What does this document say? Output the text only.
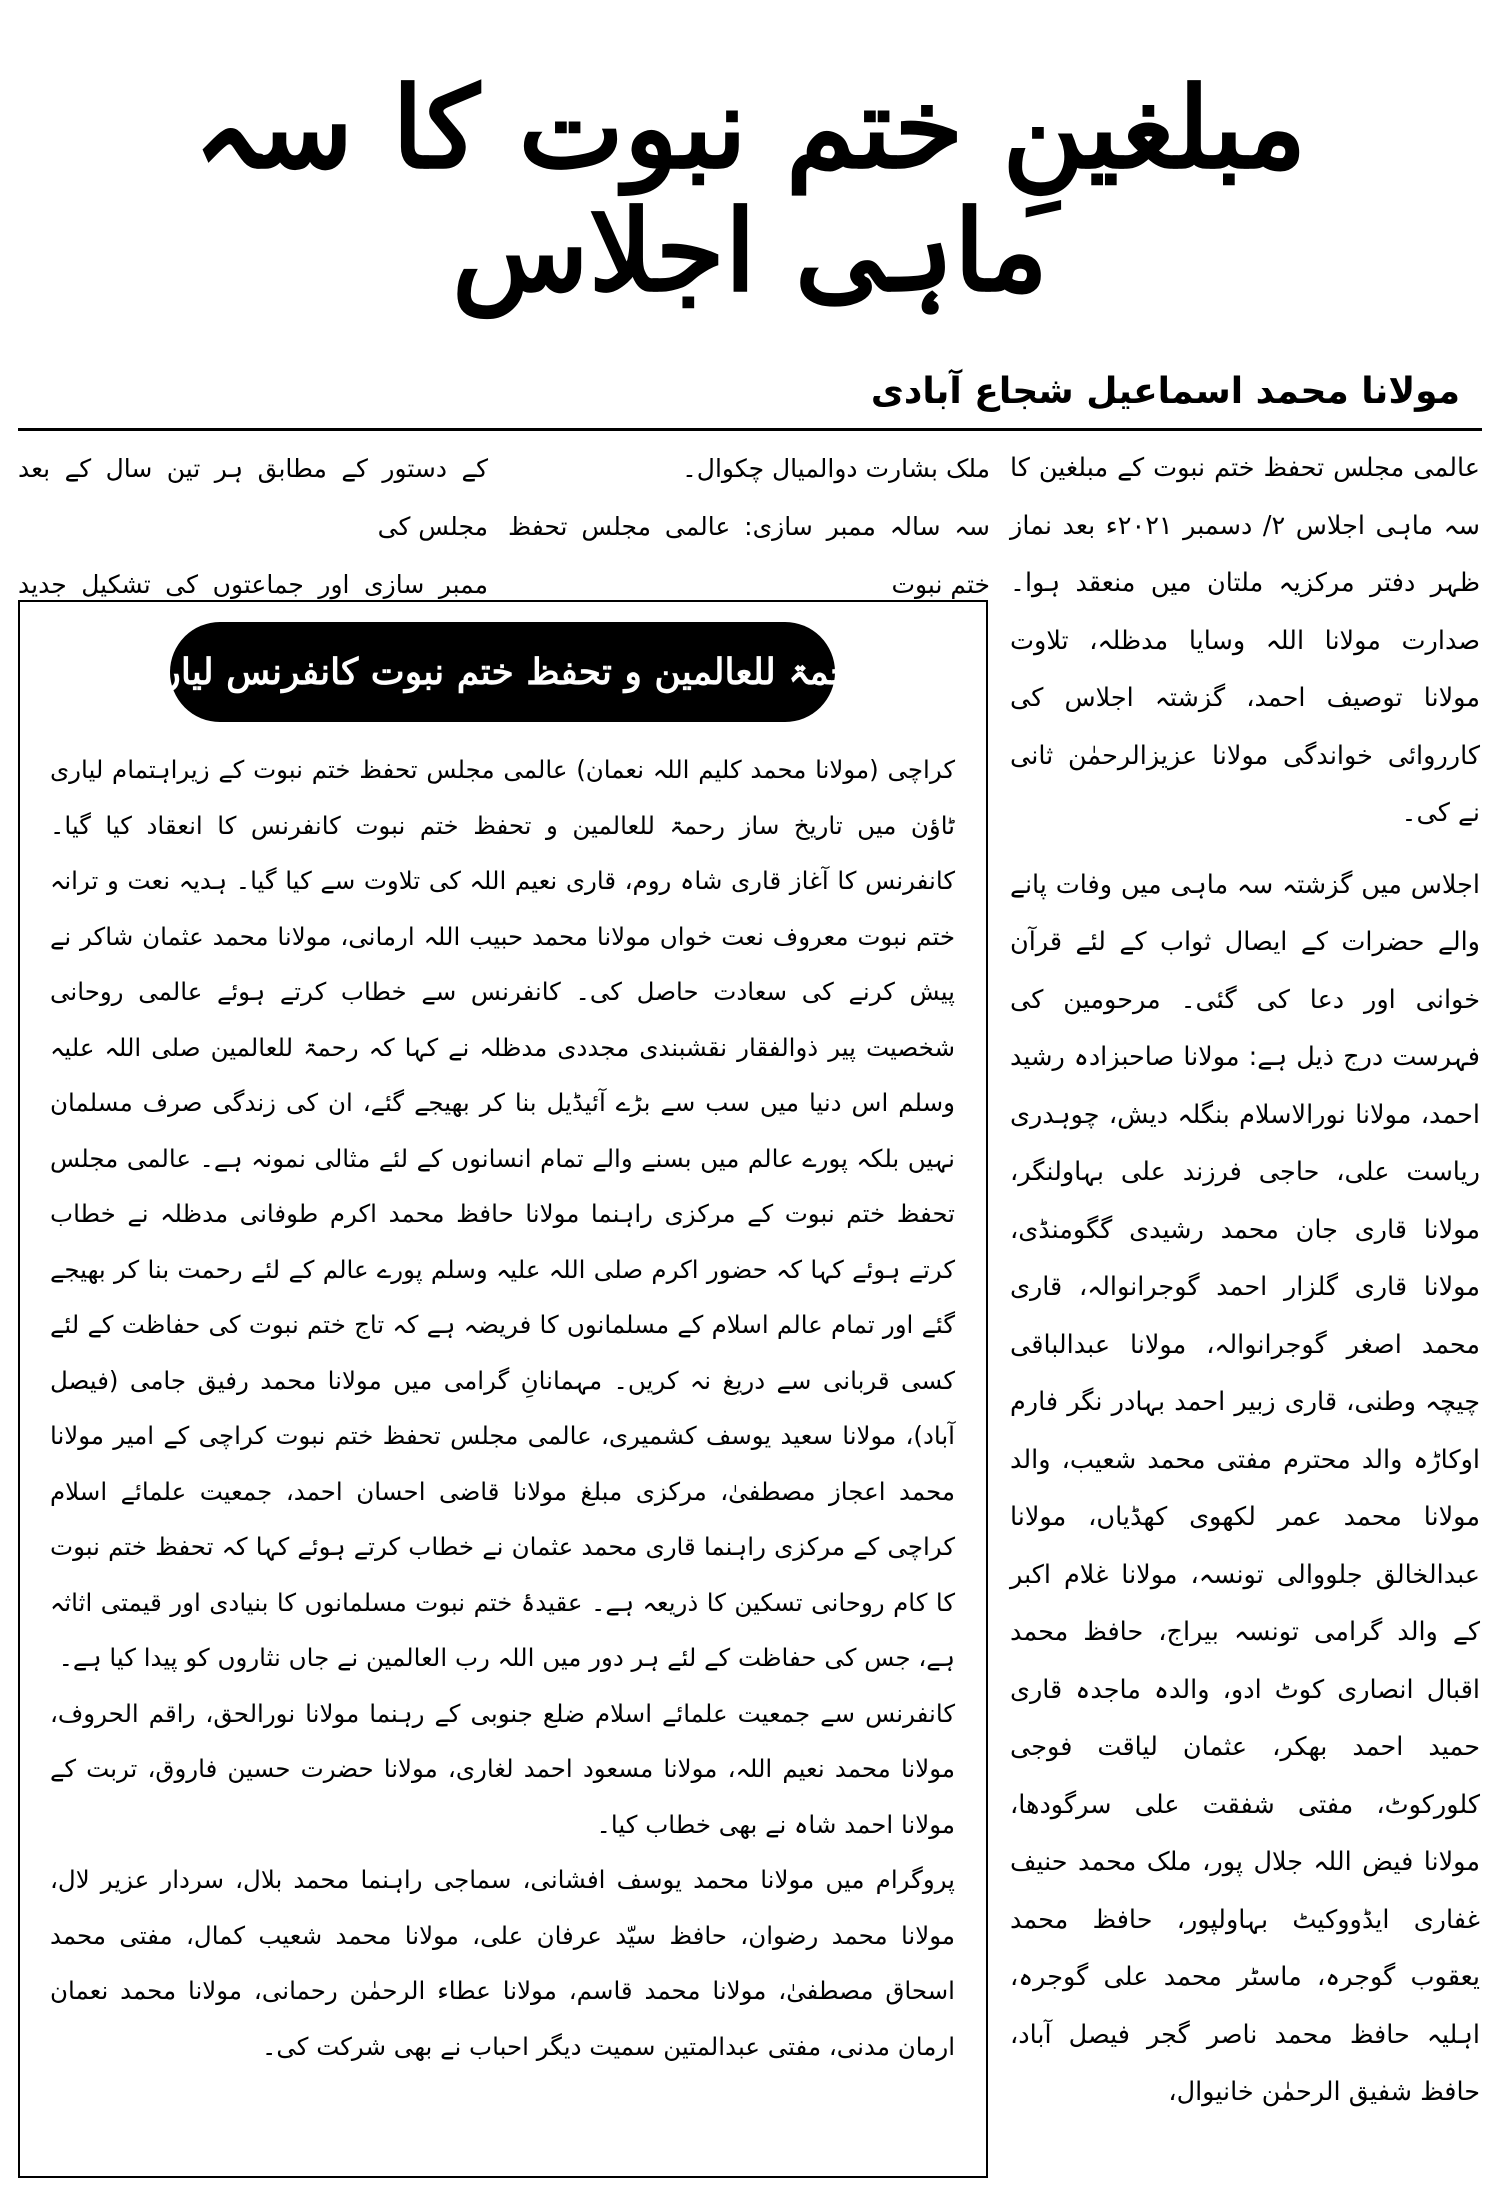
مبلغینِ ختم نبوت کا سہ ماہی اجلاس
مولانا محمد اسماعیل شجاع آبادی

عالمی مجلس تحفظ ختم نبوت کے مبلغین کا سہ ماہی اجلاس ۲/ دسمبر ۲۰۲۱ء بعد نماز ظہر دفتر مرکزیہ ملتان میں منعقد ہوا۔ صدارت مولانا اللہ وسایا مدظلہ، تلاوت مولانا توصیف احمد، گزشتہ اجلاس کی کارروائی خواندگی مولانا عزیزالرحمٰن ثانی نے کی۔

اجلاس میں گزشتہ سہ ماہی میں وفات پانے والے حضرات کے ایصال ثواب کے لئے قرآن خوانی اور دعا کی گئی۔ مرحومین کی فہرست درج ذیل ہے: مولانا صاحبزادہ رشید احمد، مولانا نورالاسلام بنگلہ دیش، چوہدری ریاست علی، حاجی فرزند علی بہاولنگر، مولانا قاری جان محمد رشیدی گگومنڈی، مولانا قاری گلزار احمد گوجرانوالہ، قاری محمد اصغر گوجرانوالہ، مولانا عبدالباقی چیچہ وطنی، قاری زبیر احمد بہادر نگر فارم اوکاڑہ والد محترم مفتی محمد شعیب، والد مولانا محمد عمر لکھوی کھڈیاں، مولانا عبدالخالق جلووالی تونسہ، مولانا غلام اکبر کے والد گرامی تونسہ بیراج، حافظ محمد اقبال انصاری کوٹ ادو، والدہ ماجدہ قاری حمید احمد بھکر، عثمان لیاقت فوجی کلورکوٹ، مفتی شفقت علی سرگودھا، مولانا فیض اللہ جلال پور، ملک محمد حنیف غفاری ایڈووکیٹ بہاولپور، حافظ محمد یعقوب گوجرہ، ماسٹر محمد علی گوجرہ، اہلیہ حافظ محمد ناصر گجر فیصل آباد، حافظ شفیق الرحمٰن خانیوال،

ملک بشارت دوالمیال چکوال۔

سہ سالہ ممبر سازی: عالمی مجلس تحفظ ختم نبوت

کے دستور کے مطابق ہر تین سال کے بعد مجلس کی

ممبر سازی اور جماعتوں کی تشکیل جدید

رحمۃ للعالمین و تحفظ ختم نبوت کانفرنس لیاری

کراچی (مولانا محمد کلیم اللہ نعمان) عالمی مجلس تحفظ ختم نبوت کے زیراہتمام لیاری ٹاؤن میں تاریخ ساز رحمۃ للعالمین و تحفظ ختم نبوت کانفرنس کا انعقاد کیا گیا۔ کانفرنس کا آغاز قاری شاہ روم، قاری نعیم اللہ کی تلاوت سے کیا گیا۔ ہدیہ نعت و ترانہ ختم نبوت معروف نعت خواں مولانا محمد حبیب اللہ ارمانی، مولانا محمد عثمان شاکر نے پیش کرنے کی سعادت حاصل کی۔ کانفرنس سے خطاب کرتے ہوئے عالمی روحانی شخصیت پیر ذوالفقار نقشبندی مجددی مدظلہ نے کہا کہ رحمۃ للعالمین صلی اللہ علیہ وسلم اس دنیا میں سب سے بڑے آئیڈیل بنا کر بھیجے گئے، ان کی زندگی صرف مسلمان نہیں بلکہ پورے عالم میں بسنے والے تمام انسانوں کے لئے مثالی نمونہ ہے۔ عالمی مجلس تحفظ ختم نبوت کے مرکزی راہنما مولانا حافظ محمد اکرم طوفانی مدظلہ نے خطاب کرتے ہوئے کہا کہ حضور اکرم صلی اللہ علیہ وسلم پورے عالم کے لئے رحمت بنا کر بھیجے گئے اور تمام عالم اسلام کے مسلمانوں کا فریضہ ہے کہ تاج ختم نبوت کی حفاظت کے لئے کسی قربانی سے دریغ نہ کریں۔ مہمانانِ گرامی میں مولانا محمد رفیق جامی (فیصل آباد)، مولانا سعید یوسف کشمیری، عالمی مجلس تحفظ ختم نبوت کراچی کے امیر مولانا محمد اعجاز مصطفیٰ، مرکزی مبلغ مولانا قاضی احسان احمد، جمعیت علمائے اسلام کراچی کے مرکزی راہنما قاری محمد عثمان نے خطاب کرتے ہوئے کہا کہ تحفظ ختم نبوت کا کام روحانی تسکین کا ذریعہ ہے۔ عقیدۂ ختم نبوت مسلمانوں کا بنیادی اور قیمتی اثاثہ ہے، جس کی حفاظت کے لئے ہر دور میں اللہ رب العالمین نے جاں نثاروں کو پیدا کیا ہے۔

کانفرنس سے جمعیت علمائے اسلام ضلع جنوبی کے رہنما مولانا نورالحق، راقم الحروف، مولانا محمد نعیم اللہ، مولانا مسعود احمد لغاری، مولانا حضرت حسین فاروق، تربت کے مولانا احمد شاہ نے بھی خطاب کیا۔

پروگرام میں مولانا محمد یوسف افشانی، سماجی راہنما محمد بلال، سردار عزیر لال، مولانا محمد رضوان، حافظ سیّد عرفان علی، مولانا محمد شعیب کمال، مفتی محمد اسحاق مصطفیٰ، مولانا محمد قاسم، مولانا عطاء الرحمٰن رحمانی، مولانا محمد نعمان ارمان مدنی، مفتی عبدالمتین سمیت دیگر احباب نے بھی شرکت کی۔
